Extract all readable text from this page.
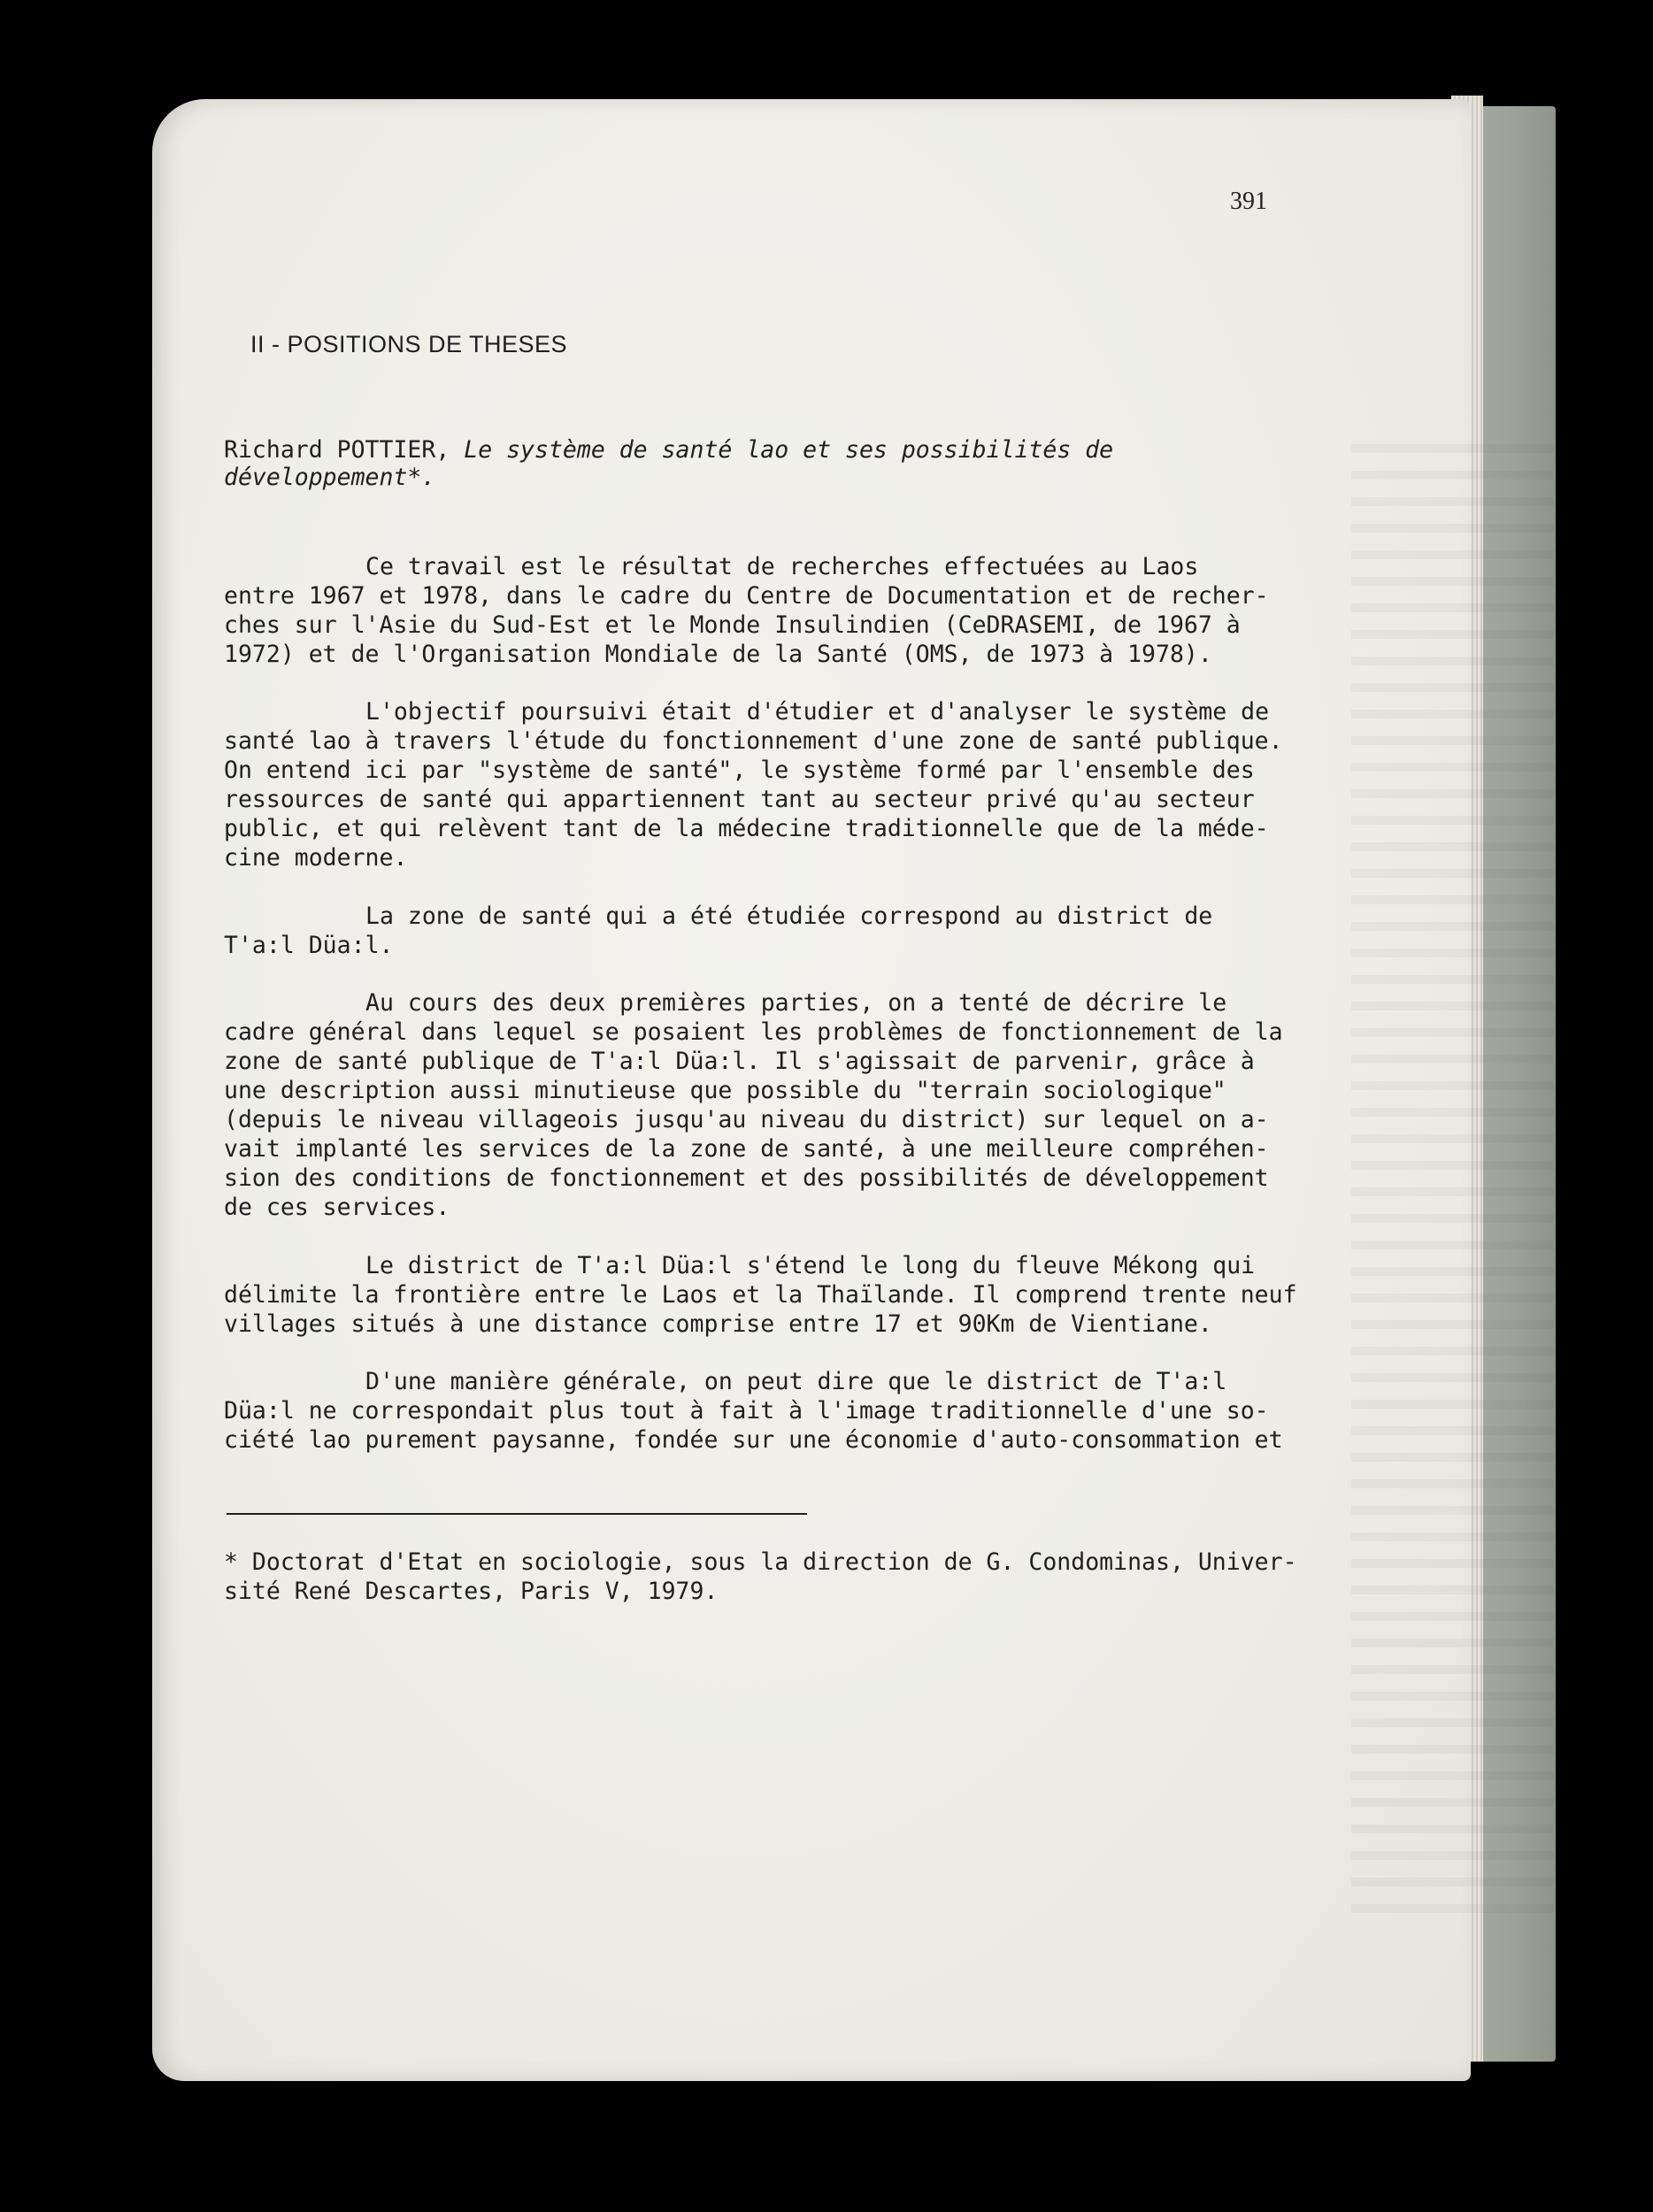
391

II - POSITIONS DE THESES

Richard POTTIER, Le système de santé lao et ses possibilités de

développement*.

Ce travail est le résultat de recherches effectuées au Laos

entre 1967 et 1978, dans le cadre du Centre de Documentation et de recher-

ches sur l'Asie du Sud-Est et le Monde Insulindien (CeDRASEMI, de 1967 à

1972) et de l'Organisation Mondiale de la Santé (OMS, de 1973 à 1978).

L'objectif poursuivi était d'étudier et d'analyser le système de

santé lao à travers l'étude du fonctionnement d'une zone de santé publique.

On entend ici par "système de santé", le système formé par l'ensemble des

ressources de santé qui appartiennent tant au secteur privé qu'au secteur

public, et qui relèvent tant de la médecine traditionnelle que de la méde-

cine moderne.

La zone de santé qui a été étudiée correspond au district de

T'a:l Düa:l.

Au cours des deux premières parties, on a tenté de décrire le

cadre général dans lequel se posaient les problèmes de fonctionnement de la

zone de santé publique de T'a:l Düa:l. Il s'agissait de parvenir, grâce à

une description aussi minutieuse que possible du "terrain sociologique"

(depuis le niveau villageois jusqu'au niveau du district) sur lequel on a-

vait implanté les services de la zone de santé, à une meilleure compréhen-

sion des conditions de fonctionnement et des possibilités de développement

de ces services.

Le district de T'a:l Düa:l s'étend le long du fleuve Mékong qui

délimite la frontière entre le Laos et la Thaïlande. Il comprend trente neuf

villages situés à une distance comprise entre 17 et 90Km de Vientiane.

D'une manière générale, on peut dire que le district de T'a:l

Düa:l ne correspondait plus tout à fait à l'image traditionnelle d'une so-

ciété lao purement paysanne, fondée sur une économie d'auto-consommation et

* Doctorat d'Etat en sociologie, sous la direction de G. Condominas, Univer-

sité René Descartes, Paris V, 1979.
